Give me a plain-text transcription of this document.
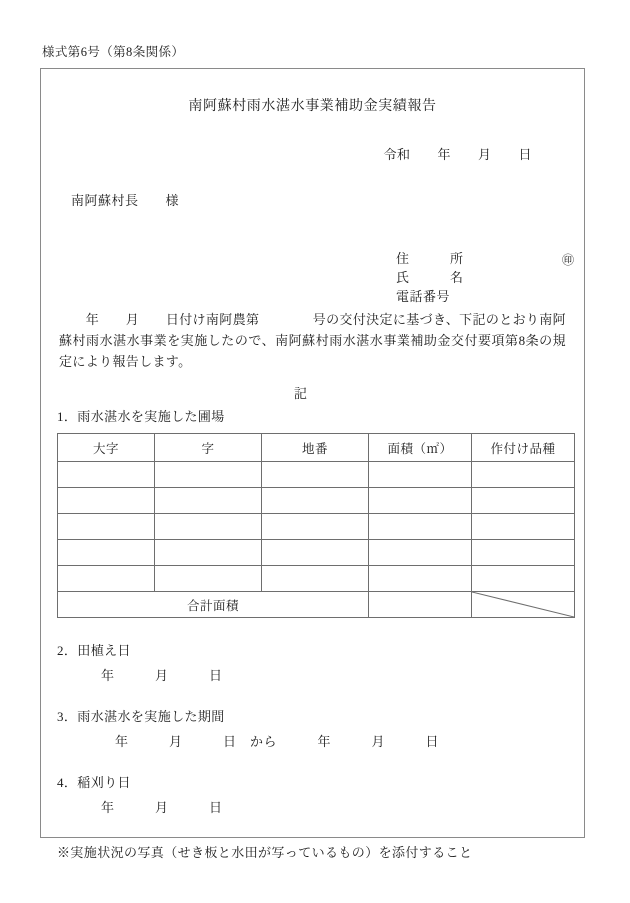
様式第6号（第8条関係）
南阿蘇村雨水湛水事業補助金実績報告
令和　　年　　月　　日
南阿蘇村長　　様

住　　　所

氏　　　名

㊞

電話番号

　　年　　月　　日付け南阿農第　　　　号の交付決定に基づき、下記のとおり南阿蘇村雨水湛水事業を実施したので、南阿蘇村雨水湛水事業補助金交付要項第8条の規定により報告します。
記
1．雨水湛水を実施した圃場
大字	字	地番	面積（㎡）	作付け品種

合計面積		
2．田植え日
年　　　月　　　日
3．雨水湛水を実施した期間
年　　　月　　　日　から　　　年　　　月　　　日
4．稲刈り日
年　　　月　　　日
※実施状況の写真（せき板と水田が写っているもの）を添付すること
